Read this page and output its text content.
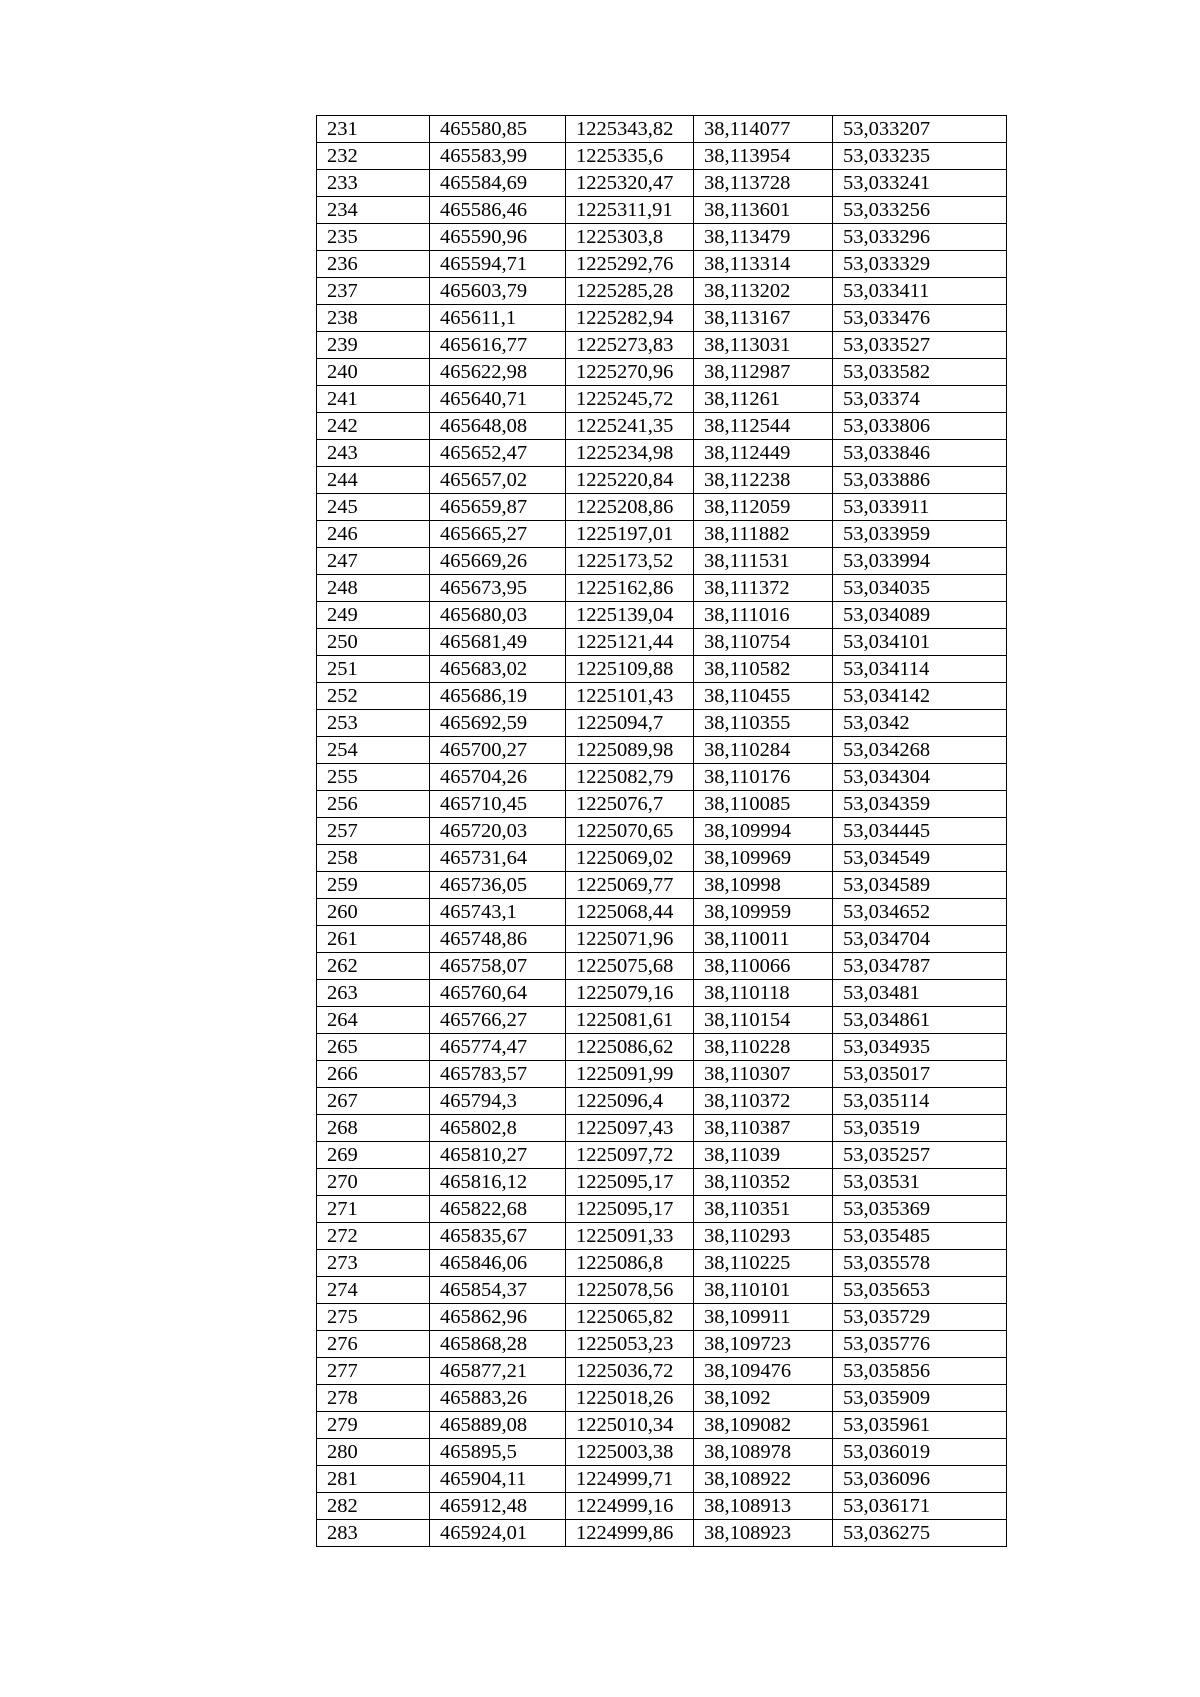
231	465580,85	1225343,82	38,114077	53,033207
232	465583,99	1225335,6	38,113954	53,033235
233	465584,69	1225320,47	38,113728	53,033241
234	465586,46	1225311,91	38,113601	53,033256
235	465590,96	1225303,8	38,113479	53,033296
236	465594,71	1225292,76	38,113314	53,033329
237	465603,79	1225285,28	38,113202	53,033411
238	465611,1	1225282,94	38,113167	53,033476
239	465616,77	1225273,83	38,113031	53,033527
240	465622,98	1225270,96	38,112987	53,033582
241	465640,71	1225245,72	38,11261	53,03374
242	465648,08	1225241,35	38,112544	53,033806
243	465652,47	1225234,98	38,112449	53,033846
244	465657,02	1225220,84	38,112238	53,033886
245	465659,87	1225208,86	38,112059	53,033911
246	465665,27	1225197,01	38,111882	53,033959
247	465669,26	1225173,52	38,111531	53,033994
248	465673,95	1225162,86	38,111372	53,034035
249	465680,03	1225139,04	38,111016	53,034089
250	465681,49	1225121,44	38,110754	53,034101
251	465683,02	1225109,88	38,110582	53,034114
252	465686,19	1225101,43	38,110455	53,034142
253	465692,59	1225094,7	38,110355	53,0342
254	465700,27	1225089,98	38,110284	53,034268
255	465704,26	1225082,79	38,110176	53,034304
256	465710,45	1225076,7	38,110085	53,034359
257	465720,03	1225070,65	38,109994	53,034445
258	465731,64	1225069,02	38,109969	53,034549
259	465736,05	1225069,77	38,10998	53,034589
260	465743,1	1225068,44	38,109959	53,034652
261	465748,86	1225071,96	38,110011	53,034704
262	465758,07	1225075,68	38,110066	53,034787
263	465760,64	1225079,16	38,110118	53,03481
264	465766,27	1225081,61	38,110154	53,034861
265	465774,47	1225086,62	38,110228	53,034935
266	465783,57	1225091,99	38,110307	53,035017
267	465794,3	1225096,4	38,110372	53,035114
268	465802,8	1225097,43	38,110387	53,03519
269	465810,27	1225097,72	38,11039	53,035257
270	465816,12	1225095,17	38,110352	53,03531
271	465822,68	1225095,17	38,110351	53,035369
272	465835,67	1225091,33	38,110293	53,035485
273	465846,06	1225086,8	38,110225	53,035578
274	465854,37	1225078,56	38,110101	53,035653
275	465862,96	1225065,82	38,109911	53,035729
276	465868,28	1225053,23	38,109723	53,035776
277	465877,21	1225036,72	38,109476	53,035856
278	465883,26	1225018,26	38,1092	53,035909
279	465889,08	1225010,34	38,109082	53,035961
280	465895,5	1225003,38	38,108978	53,036019
281	465904,11	1224999,71	38,108922	53,036096
282	465912,48	1224999,16	38,108913	53,036171
283	465924,01	1224999,86	38,108923	53,036275
